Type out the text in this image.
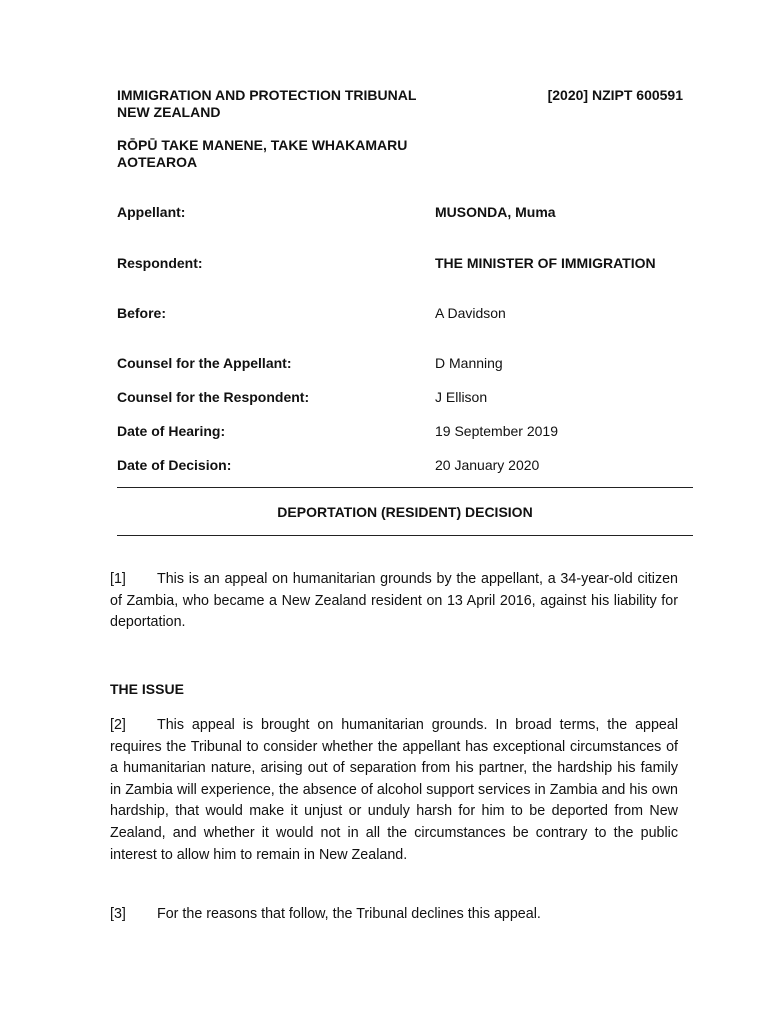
IMMIGRATION AND PROTECTION TRIBUNAL
NEW ZEALAND
[2020] NZIPT 600591
RŌPŪ TAKE MANENE, TAKE WHAKAMARU
AOTEAROA
Appellant:	MUSONDA, Muma
Respondent:	THE MINISTER OF IMMIGRATION
Before:	A Davidson
Counsel for the Appellant:	D Manning
Counsel for the Respondent:	J Ellison
Date of Hearing:	19 September 2019
Date of Decision:	20 January 2020
DEPORTATION (RESIDENT) DECISION
[1] This is an appeal on humanitarian grounds by the appellant, a 34-year-old citizen of Zambia, who became a New Zealand resident on 13 April 2016, against his liability for deportation.
THE ISSUE
[2] This appeal is brought on humanitarian grounds. In broad terms, the appeal requires the Tribunal to consider whether the appellant has exceptional circumstances of a humanitarian nature, arising out of separation from his partner, the hardship his family in Zambia will experience, the absence of alcohol support services in Zambia and his own hardship, that would make it unjust or unduly harsh for him to be deported from New Zealand, and whether it would not in all the circumstances be contrary to the public interest to allow him to remain in New Zealand.
[3] For the reasons that follow, the Tribunal declines this appeal.
